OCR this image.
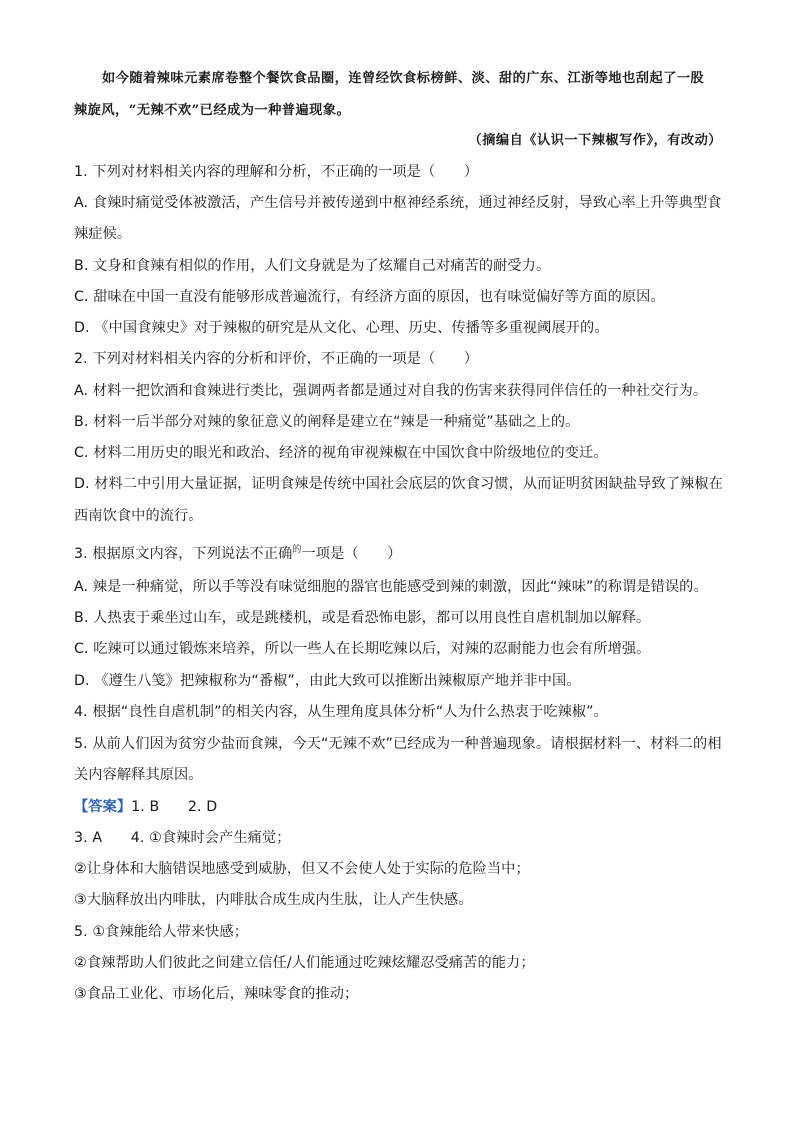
如今随着辣味元素席卷整个餐饮食品圈，连曾经饮食标榜鲜、淡、甜的广东、江浙等地也刮起了一股
辣旋风，“无辣不欢”已经成为一种普遍现象。
（摘编自《认识一下辣椒写作》，有改动）
1. 下列对材料相关内容的理解和分析，不正确的一项是（　　）
A. 食辣时痛觉受体被激活，产生信号并被传递到中枢神经系统，通过神经反射，导致心率上升等典型食
辣症候。
B. 文身和食辣有相似的作用，人们文身就是为了炫耀自己对痛苦的耐受力。
C. 甜味在中国一直没有能够形成普遍流行，有经济方面的原因，也有味觉偏好等方面的原因。
D. 《中国食辣史》对于辣椒的研究是从文化、心理、历史、传播等多重视阈展开的。
2. 下列对材料相关内容的分析和评价，不正确的一项是（　　）
A. 材料一把饮酒和食辣进行类比，强调两者都是通过对自我的伤害来获得同伴信任的一种社交行为。
B. 材料一后半部分对辣的象征意义的阐释是建立在“辣是一种痛觉”基础之上的。
C. 材料二用历史的眼光和政治、经济的视角审视辣椒在中国饮食中阶级地位的变迁。
D. 材料二中引用大量证据，证明食辣是传统中国社会底层的饮食习惯，从而证明贫困缺盐导致了辣椒在
西南饮食中的流行。
3. 根据原文内容，下列说法不正确$^的$一项是（　　）
A. 辣是一种痛觉，所以手等没有味觉细胞的器官也能感受到辣的刺激，因此“辣味”的称谓是错误的。
B. 人热衷于乘坐过山车，或是跳楼机，或是看恐怖电影，都可以用良性自虐机制加以解释。
C. 吃辣可以通过锻炼来培养，所以一些人在长期吃辣以后，对辣的忍耐能力也会有所增强。
D. 《遵生八笺》把辣椒称为“番椒”，由此大致可以推断出辣椒原产地并非中国。
4. 根据“良性自虐机制”的相关内容，从生理角度具体分析“人为什么热衷于吃辣椒”。
5. 从前人们因为贫穷少盐而食辣，今天“无辣不欢”已经成为一种普遍现象。请根据材料一、材料二的相
关内容解释其原因。
【答案】1. B　　2. D
3. A　　4. ①食辣时会产生痛觉；
②让身体和大脑错误地感受到威胁，但又不会使人处于实际的危险当中；
③大脑释放出内啡肽，内啡肽合成生成内生肽，让人产生快感。
5. ①食辣能给人带来快感；
②食辣帮助人们彼此之间建立信任/人们能通过吃辣炫耀忍受痛苦的能力；
③食品工业化、市场化后，辣味零食的推动；
